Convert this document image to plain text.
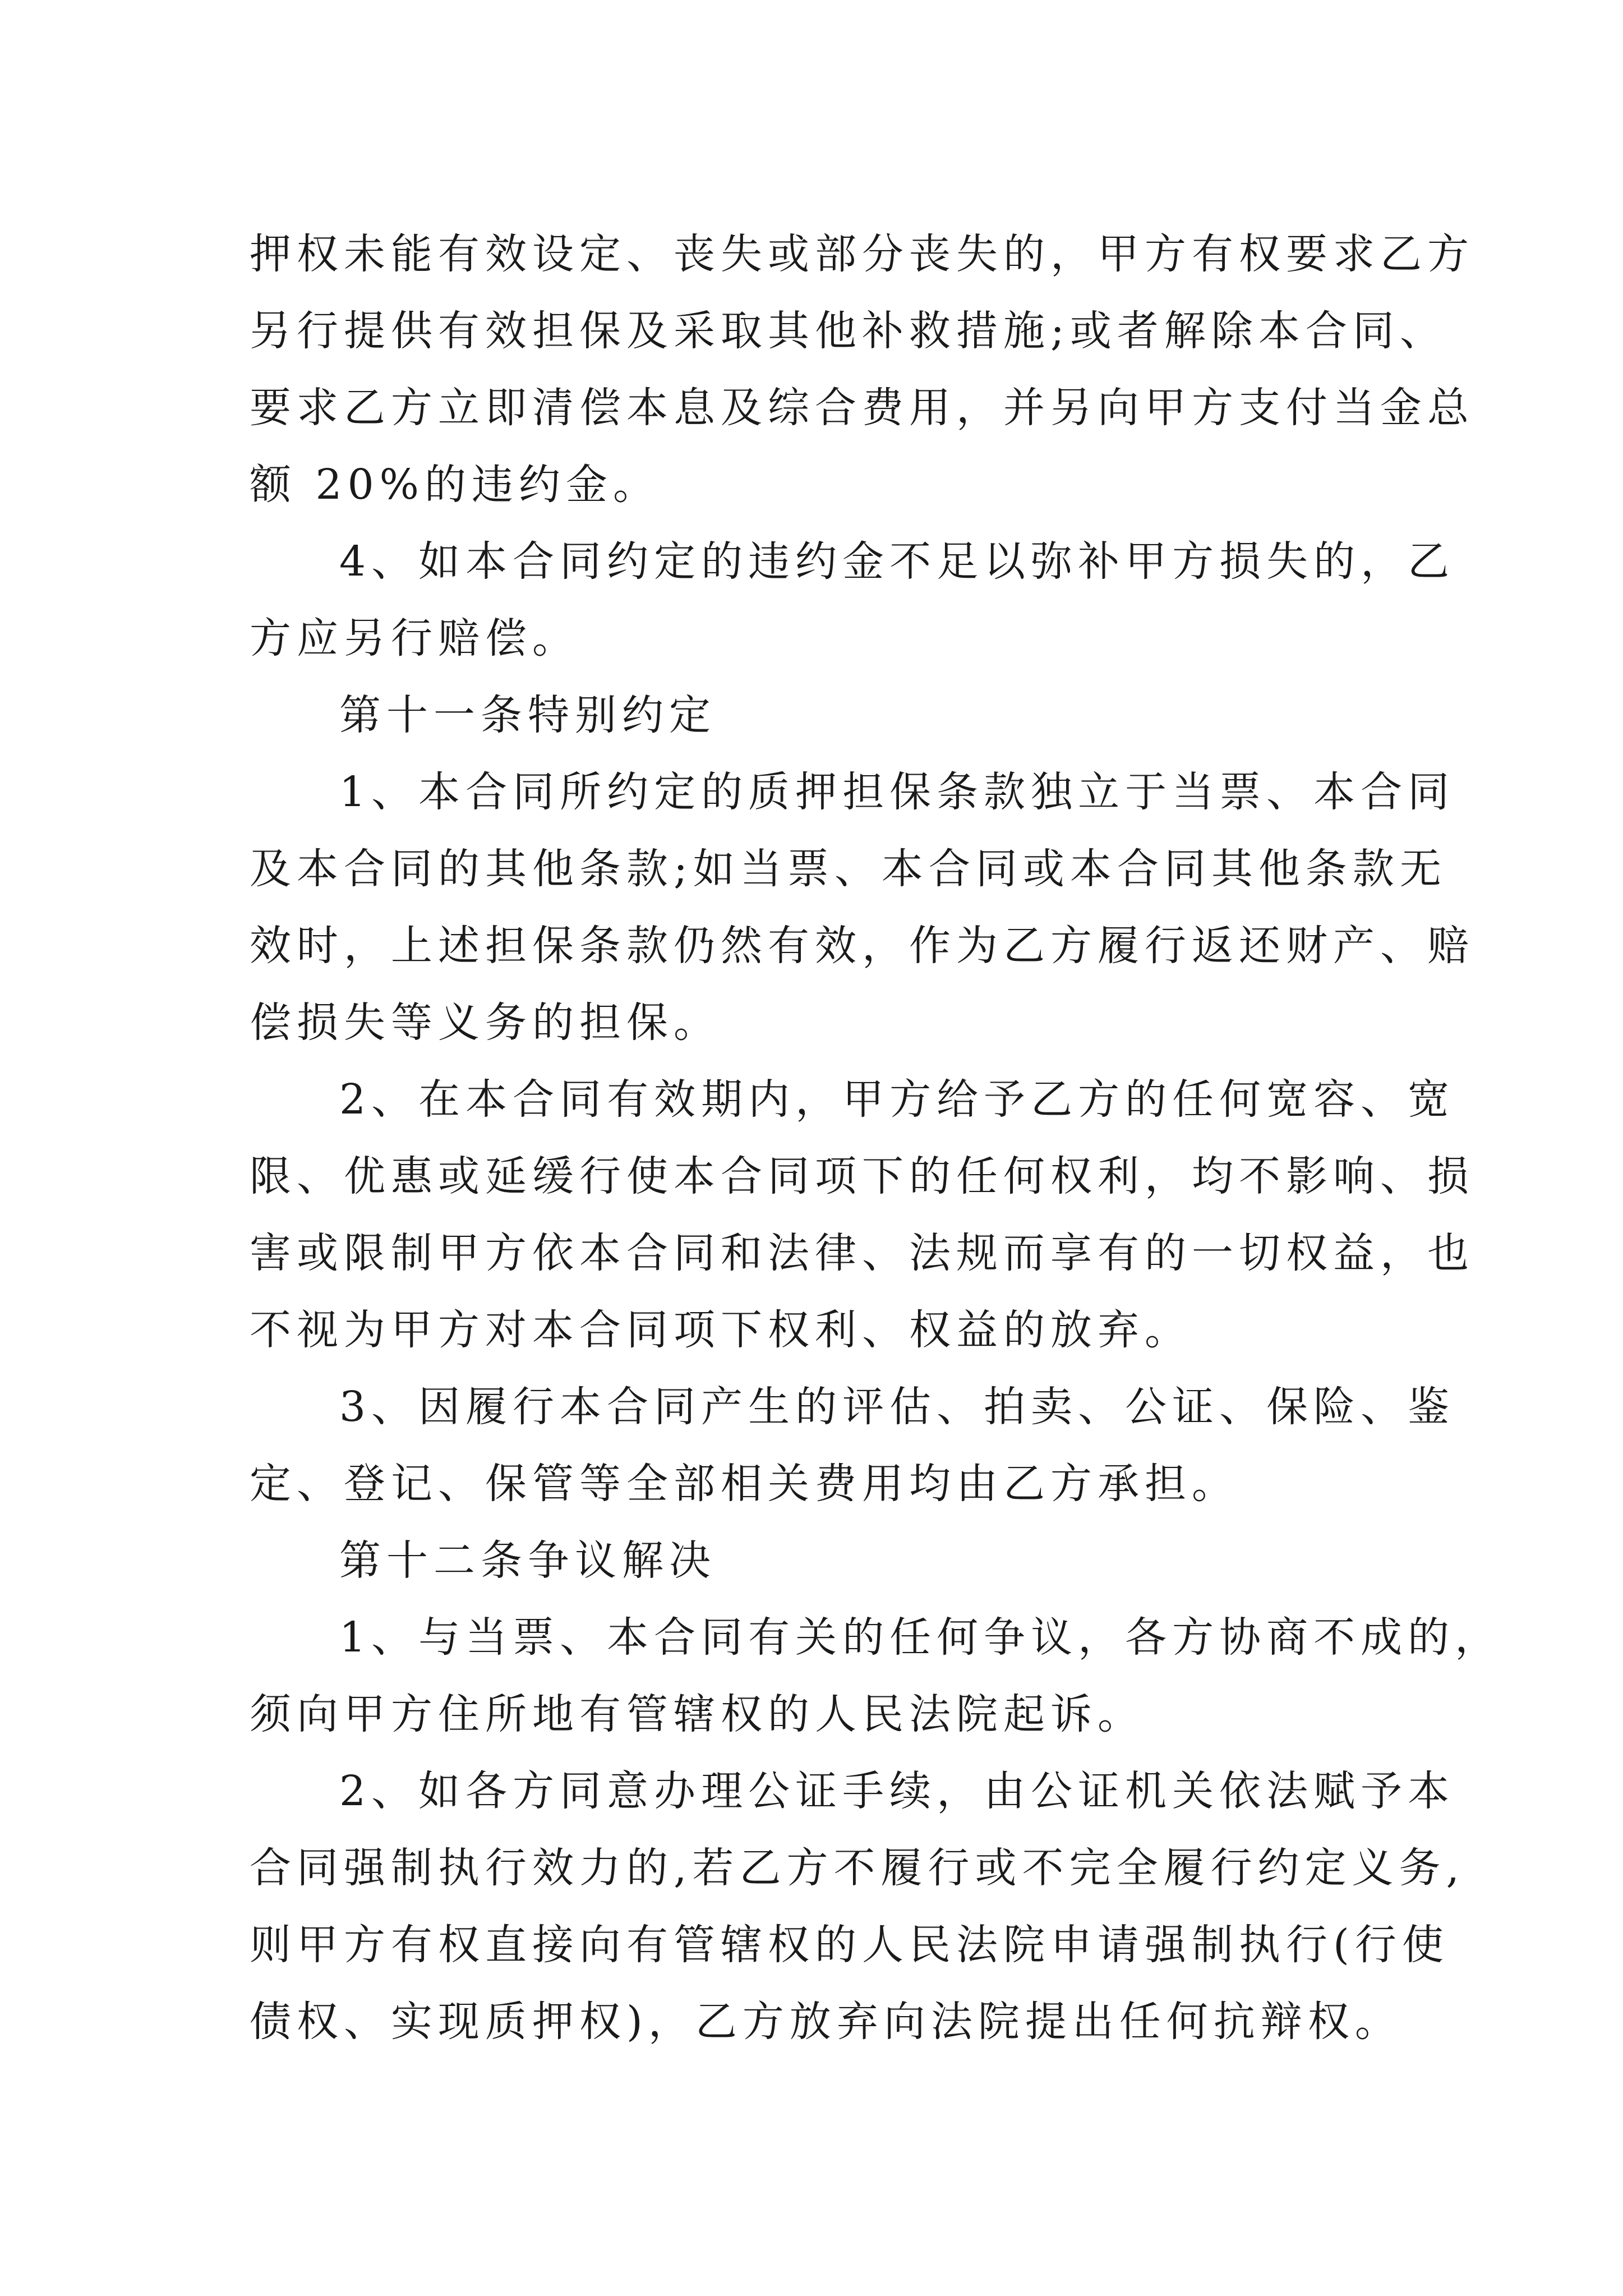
押权未能有效设定、丧失或部分丧失的，甲方有权要求乙方
另行提供有效担保及采取其他补救措施;或者解除本合同、
要求乙方立即清偿本息及综合费用，并另向甲方支付当金总
额 20%的违约金。
4、如本合同约定的违约金不足以弥补甲方损失的，乙
方应另行赔偿。
第十一条特别约定
1、本合同所约定的质押担保条款独立于当票、本合同
及本合同的其他条款;如当票、本合同或本合同其他条款无
效时，上述担保条款仍然有效，作为乙方履行返还财产、赔
偿损失等义务的担保。
2、在本合同有效期内，甲方给予乙方的任何宽容、宽
限、优惠或延缓行使本合同项下的任何权利，均不影响、损
害或限制甲方依本合同和法律、法规而享有的一切权益，也
不视为甲方对本合同项下权利、权益的放弃。
3、因履行本合同产生的评估、拍卖、公证、保险、鉴
定、登记、保管等全部相关费用均由乙方承担。
第十二条争议解决
1、与当票、本合同有关的任何争议，各方协商不成的，
须向甲方住所地有管辖权的人民法院起诉。
2、如各方同意办理公证手续，由公证机关依法赋予本
合同强制执行效力的,若乙方不履行或不完全履行约定义务,
则甲方有权直接向有管辖权的人民法院申请强制执行(行使
债权、实现质押权)，乙方放弃向法院提出任何抗辩权。
